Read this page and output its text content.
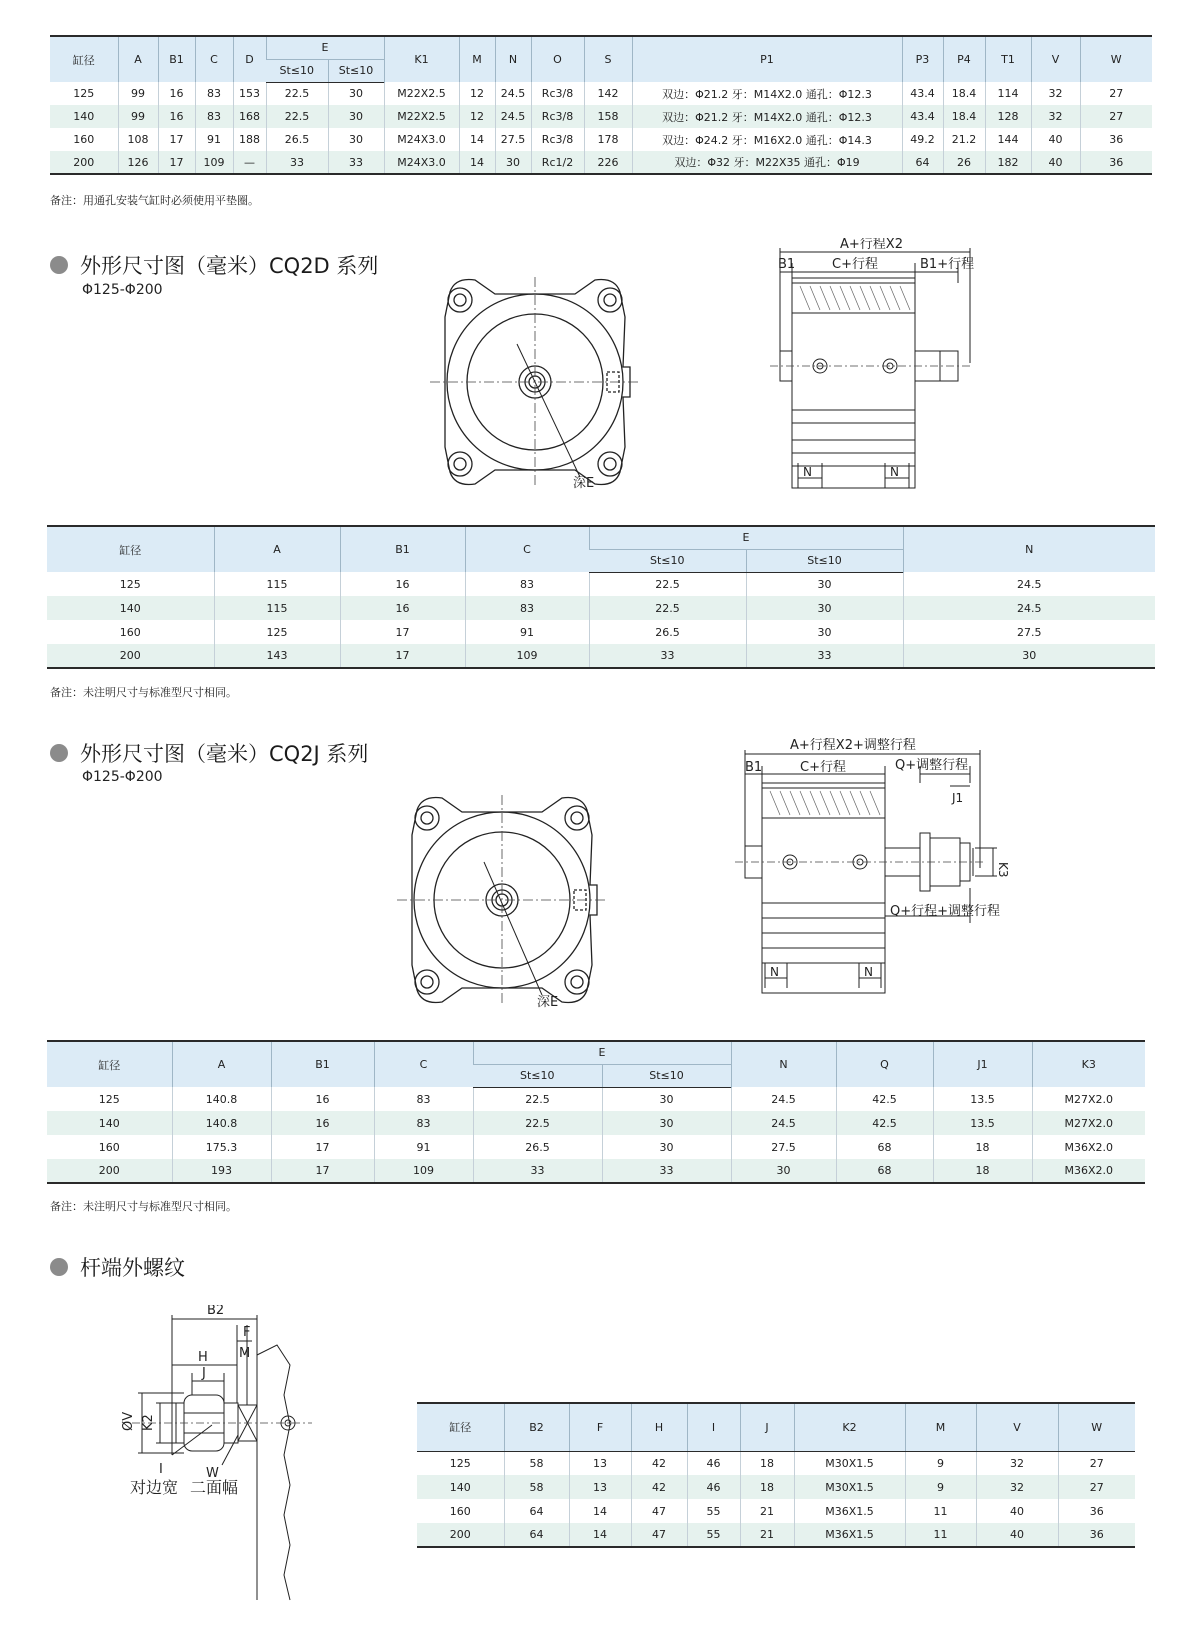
缸径	A	B1	C	D	E		K1	M	N	O	S	P1	P3	P4	T1	V	W
					St≤10	St≤10											
125	99	16	83	153	22.5	30	M22X2.5	12	24.5	Rc3/8	142	双边：Φ21.2 牙：M14X2.0 通孔：Φ12.3	43.4	18.4	114	32	27
140	99	16	83	168	22.5	30	M22X2.5	12	24.5	Rc3/8	158	双边：Φ21.2 牙：M14X2.0 通孔：Φ12.3	43.4	18.4	128	32	27
160	108	17	91	188	26.5	30	M24X3.0	14	27.5	Rc3/8	178	双边：Φ24.2 牙：M16X2.0 通孔：Φ14.3	49.2	21.2	144	40	36
200	126	17	109	—	33	33	M24X3.0	14	30	Rc1/2	226	双边：Φ32 牙：M22X35 通孔：Φ19	64	26	182	40	36
备注：用通孔安装气缸时必须使用平垫圈。
外形尺寸图（毫米）CQ2D 系列
Φ125-Φ200
深E
A+行程X2
B1	C+行程	B1+行程
N	N
缸径	A	B1	C	E		N
				St≤10	St≤10	
125	115	16	83	22.5	30	24.5
140	115	16	83	22.5	30	24.5
160	125	17	91	26.5	30	27.5
200	143	17	109	33	33	30
备注：未注明尺寸与标准型尺寸相同。
外形尺寸图（毫米）CQ2J 系列
Φ125-Φ200
深E
A+行程X2+调整行程
B1	C+行程	Q+调整行程
J1
K3
Q+行程+调整行程
N	N
缸径	A	B1	C	E		N	Q	J1	K3
				St≤10	St≤10				
125	140.8	16	83	22.5	30	24.5	42.5	13.5	M27X2.0
140	140.8	16	83	22.5	30	24.5	42.5	13.5	M27X2.0
160	175.3	17	91	26.5	30	27.5	68	18	M36X2.0
200	193	17	109	33	33	30	68	18	M36X2.0
备注：未注明尺寸与标准型尺寸相同。
杆端外螺纹
B2
F
M
H
J
ØV K2
I	W
对边宽 二面幅
缸径	B2	F	H	I	J	K2	M	V	W
125	58	13	42	46	18	M30X1.5	9	32	27
140	58	13	42	46	18	M30X1.5	9	32	27
160	64	14	47	55	21	M36X1.5	11	40	36
200	64	14	47	55	21	M36X1.5	11	40	36
